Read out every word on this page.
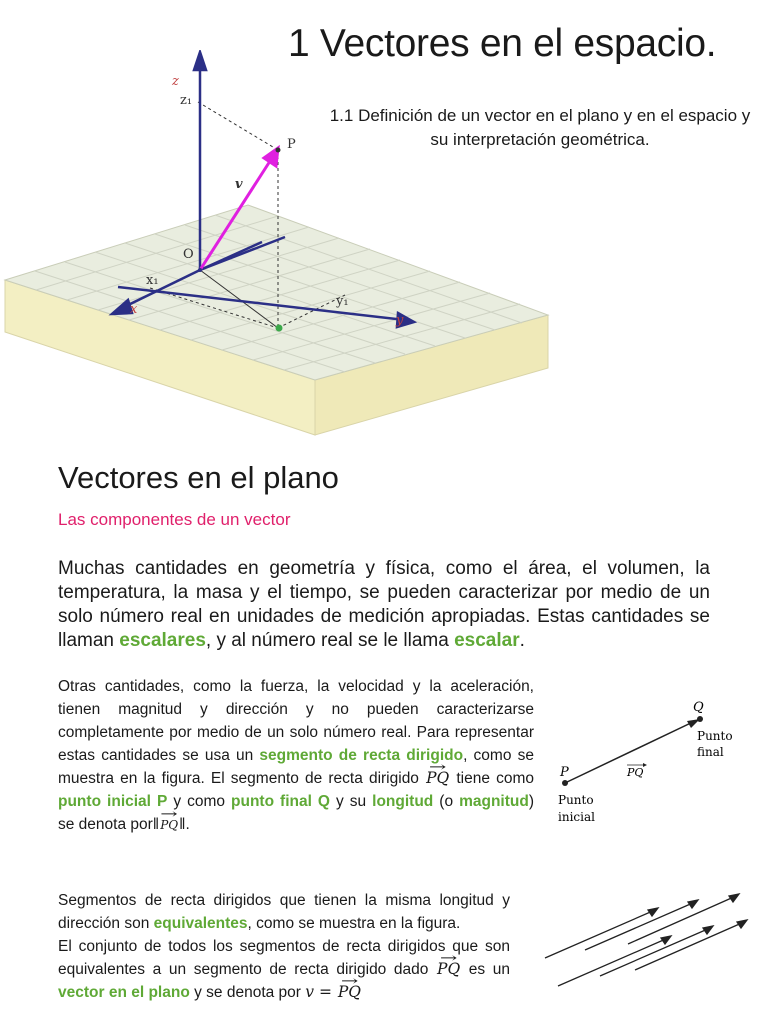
1 Vectores en el espacio.
1.1 Definición de un vector en el plano y en el espacio y su interpretación geométrica.
z
z₁
P
v
O
x₁
x
y₁
y
Vectores en el plano
Las componentes de un vector
Muchas cantidades en geometría y física, como el área, el volumen, la temperatura, la masa y el tiempo, se pueden caracterizar por medio de un solo número real en unidades de medición apropiadas. Estas cantidades se llaman escalares, y al número real se le llama escalar.
Otras cantidades, como la fuerza, la velocidad y la aceleración, tienen magnitud y dirección y no pueden caracterizarse completamente por medio de un solo número real. Para representar estas cantidades se usa un segmento de recta dirigido, como se muestra en la figura. El segmento de recta dirigido → PQ tiene como punto inicial P y como punto final Q y su longitud (o magnitud) se denota por‖→ PQ‖.
P
Q
PQ
Punto
inicial
Punto
final
Segmentos de recta dirigidos que tienen la misma longitud y dirección son equivalentes, como se muestra en la figura.
El conjunto de todos los segmentos de recta dirigidos que son equivalentes a un segmento de recta dirigido dado → PQ es un vector en el plano y se denota por v = → PQ
